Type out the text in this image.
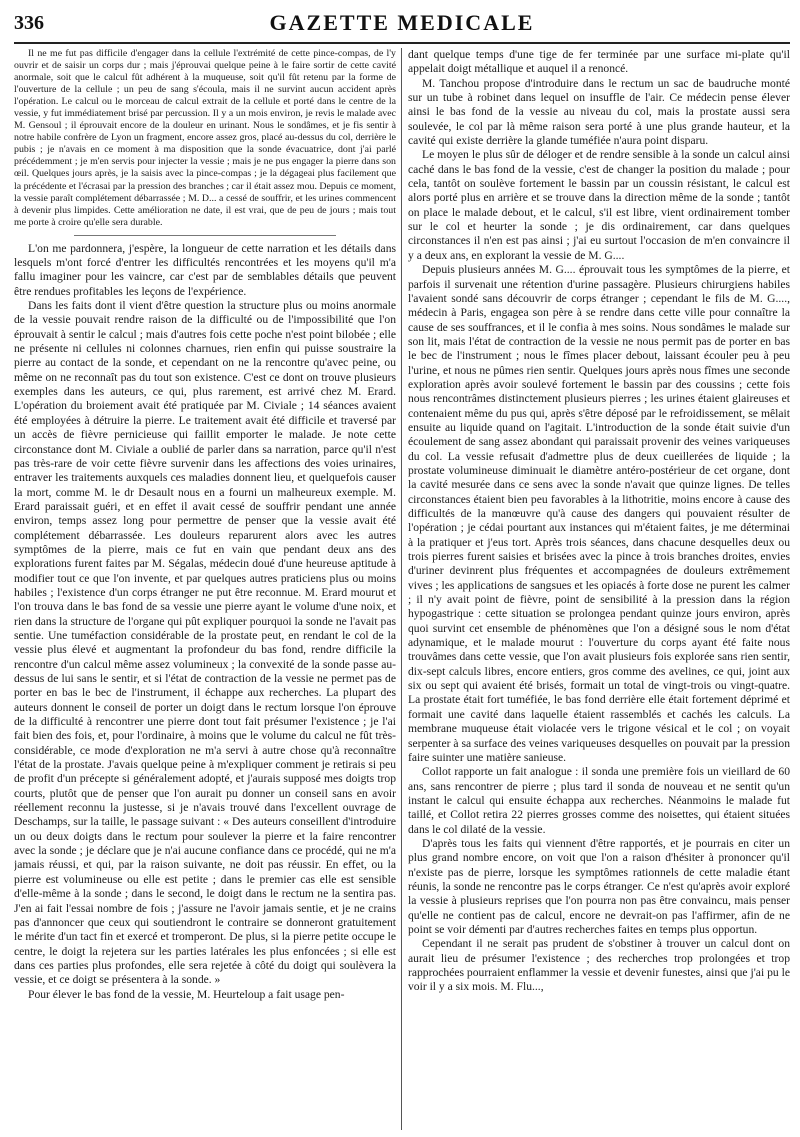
336	GAZETTE MEDICALE

Il ne me fut pas difficile d'engager dans la cellule l'extrémité de cette pince-compas, de l'y ouvrir et de saisir un corps dur ; mais j'éprouvai quelque peine à le faire sortir de cette cavité anormale, soit que le calcul fût adhérent à la muqueuse, soit qu'il fût retenu par la forme de l'ouverture de la cellule ; un peu de sang s'écoula, mais il ne survint aucun accident après l'opération. Le calcul ou le morceau de calcul extrait de la cellule et porté dans le centre de la vessie, y fut immédiatement brisé par percussion. Il y a un mois environ, je revis le malade avec M. Gensoul ; il éprouvait encore de la douleur en urinant. Nous le sondâmes, et je fis sentir à notre habile confrère de Lyon un fragment, encore assez gros, placé au-dessus du col, derrière le pubis ; je n'avais en ce moment à ma disposition que la sonde évacuatrice, dont j'ai parlé précédemment ; je m'en servis pour injecter la vessie ; mais je ne pus engager la pierre dans son œil. Quelques jours après, je la saisis avec la pince-compas ; je la dégageai plus facilement que la précédente et l'écrasai par la pression des branches ; car il était assez mou. Depuis ce moment, la vessie paraît complétement débarrassée ; M. D... a cessé de souffrir, et les urines commencent à devenir plus limpides. Cette amélioration ne date, il est vrai, que de peu de jours ; mais tout me porte à croire qu'elle sera durable.

L'on me pardonnera, j'espère, la longueur de cette narration et les détails dans lesquels m'ont forcé d'entrer les difficultés rencontrées et les moyens qu'il m'a fallu imaginer pour les vaincre, car c'est par de semblables détails que peuvent être rendues profitables les leçons de l'expérience.

Dans les faits dont il vient d'être question la structure plus ou moins anormale de la vessie pouvait rendre raison de la difficulté ou de l'impossibilité que l'on éprouvait à sentir le calcul ; mais d'autres fois cette poche n'est point bilobée ; elle ne présente ni cellules ni colonnes charnues, rien enfin qui puisse soustraire la pierre au contact de la sonde, et cependant on ne la rencontre qu'avec peine, ou même on ne reconnaît pas du tout son existence. C'est ce dont on trouve plusieurs exemples dans les auteurs, ce qui, plus rarement, est arrivé chez M. Erard. L'opération du broiement avait été pratiquée par M. Civiale ; 14 séances avaient été employées à détruire la pierre. Le traitement avait été difficile et traversé par un accès de fièvre pernicieuse qui faillit emporter le malade. Je note cette circonstance dont M. Civiale a oublié de parler dans sa narration, parce qu'il n'est pas très-rare de voir cette fièvre survenir dans les affections des voies urinaires, entraver les traitements auxquels ces maladies donnent lieu, et quelquefois causer la mort, comme M. le dr Desault nous en a fourni un malheureux exemple. M. Erard paraissait guéri, et en effet il avait cessé de souffrir pendant une année environ, temps assez long pour permettre de penser que la vessie avait été complétement débarrassée. Les douleurs reparurent alors avec les autres symptômes de la pierre, mais ce fut en vain que pendant deux ans des explorations furent faites par M. Ségalas, médecin doué d'une heureuse aptitude à modifier tout ce que l'on invente, et par quelques autres praticiens plus ou moins habiles ; l'existence d'un corps étranger ne put être reconnue. M. Erard mourut et l'on trouva dans le bas fond de sa vessie une pierre ayant le volume d'une noix, et rien dans la structure de l'organe qui pût expliquer pourquoi la sonde ne l'avait pas sentie. Une tuméfaction considérable de la prostate peut, en rendant le col de la vessie plus élevé et augmentant la profondeur du bas fond, rendre difficile la rencontre d'un calcul même assez volumineux ; la convexité de la sonde passe au-dessus de lui sans le sentir, et si l'état de contraction de la vessie ne permet pas de porter en bas le bec de l'instrument, il échappe aux recherches. La plupart des auteurs donnent le conseil de porter un doigt dans le rectum lorsque l'on éprouve de la difficulté à rencontrer une pierre dont tout fait présumer l'existence ; je l'ai fait bien des fois, et, pour l'ordinaire, à moins que le volume du calcul ne fût très-considérable, ce mode d'exploration ne m'a servi à autre chose qu'à reconnaître l'état de la prostate. J'avais quelque peine à m'expliquer comment je retirais si peu de profit d'un précepte si généralement adopté, et j'aurais supposé mes doigts trop courts, plutôt que de penser que l'on aurait pu donner un conseil sans en avoir réellement reconnu la justesse, si je n'avais trouvé dans l'excellent ouvrage de Deschamps, sur la taille, le passage suivant : « Des auteurs conseillent d'introduire un ou deux doigts dans le rectum pour soulever la pierre et la faire rencontrer avec la sonde ; je déclare que je n'ai aucune confiance dans ce procédé, qui ne m'a jamais réussi, et qui, par la raison suivante, ne doit pas réussir. En effet, ou la pierre est volumineuse ou elle est petite ; dans le premier cas elle est sensible d'elle-même à la sonde ; dans le second, le doigt dans le rectum ne la sentira pas. J'en ai fait l'essai nombre de fois ; j'assure ne l'avoir jamais sentie, et je ne crains pas d'annoncer que ceux qui soutiendront le contraire se donneront gratuitement le mérite d'un tact fin et exercé et tromperont. De plus, si la pierre petite occupe le centre, le doigt la rejetera sur les parties latérales les plus enfoncées ; si elle est dans ces parties plus profondes, elle sera rejetée à côté du doigt qui soulèvera la vessie, et ce doigt se présentera à la sonde. »

Pour élever le bas fond de la vessie, M. Heurteloup a fait usage pen-

dant quelque temps d'une tige de fer terminée par une surface mi-plate qu'il appelait doigt métallique et auquel il a renoncé.

M. Tanchou propose d'introduire dans le rectum un sac de baudruche monté sur un tube à robinet dans lequel on insuffle de l'air. Ce médecin pense élever ainsi le bas fond de la vessie au niveau du col, mais la prostate aussi sera soulevée, le col par là même raison sera porté à une plus grande hauteur, et la cavité qui existe derrière la glande tuméfiée n'aura point disparu.

Le moyen le plus sûr de déloger et de rendre sensible à la sonde un calcul ainsi caché dans le bas fond de la vessie, c'est de changer la position du malade ; pour cela, tantôt on soulève fortement le bassin par un coussin résistant, le calcul est alors porté plus en arrière et se trouve dans la direction même de la sonde ; tantôt on place le malade debout, et le calcul, s'il est libre, vient ordinairement tomber sur le col et heurter la sonde ; je dis ordinairement, car dans quelques circonstances il n'en est pas ainsi ; j'ai eu surtout l'occasion de m'en convaincre il y a deux ans, en explorant la vessie de M. G....

Depuis plusieurs années M. G.... éprouvait tous les symptômes de la pierre, et parfois il survenait une rétention d'urine passagère. Plusieurs chirurgiens habiles l'avaient sondé sans découvrir de corps étranger ; cependant le fils de M. G...., médecin à Paris, engagea son père à se rendre dans cette ville pour connaître la cause de ses souffrances, et il le confia à mes soins. Nous sondâmes le malade sur son lit, mais l'état de contraction de la vessie ne nous permit pas de porter en bas le bec de l'instrument ; nous le fîmes placer debout, laissant écouler peu à peu l'urine, et nous ne pûmes rien sentir. Quelques jours après nous fîmes une seconde exploration après avoir soulevé fortement le bassin par des coussins ; cette fois nous rencontrâmes distinctement plusieurs pierres ; les urines étaient glaireuses et contenaient même du pus qui, après s'être déposé par le refroidissement, se mêlait ensuite au liquide quand on l'agitait. L'introduction de la sonde était suivie d'un écoulement de sang assez abondant qui paraissait provenir des veines variqueuses du col. La vessie refusait d'admettre plus de deux cueillerées de liquide ; la prostate volumineuse diminuait le diamètre antéro-postérieur de cet organe, dont la cavité mesurée dans ce sens avec la sonde n'avait que quinze lignes. De telles circonstances étaient bien peu favorables à la lithotritie, moins encore à cause des difficultés de la manœuvre qu'à cause des dangers qui pouvaient résulter de l'opération ; je cédai pourtant aux instances qui m'étaient faites, je me déterminai à la pratiquer et j'eus tort. Après trois séances, dans chacune desquelles deux ou trois pierres furent saisies et brisées avec la pince à trois branches droites, envies d'uriner devinrent plus fréquentes et accompagnées de douleurs extrêmement vives ; les applications de sangsues et les opiacés à forte dose ne purent les calmer ; il n'y avait point de fièvre, point de sensibilité à la pression dans la région hypogastrique : cette situation se prolongea pendant quinze jours environ, après quoi survint cet ensemble de phénomènes que l'on a désigné sous le nom d'état adynamique, et le malade mourut : l'ouverture du corps ayant été faite nous trouvâmes dans cette vessie, que l'on avait plusieurs fois explorée sans rien sentir, dix-sept calculs libres, encore entiers, gros comme des avelines, ce qui, joint aux six ou sept qui avaient été brisés, formait un total de vingt-trois ou vingt-quatre. La prostate était fort tuméfiée, le bas fond derrière elle était fortement déprimé et formait une cavité dans laquelle étaient rassemblés et cachés les calculs. La membrane muqueuse était violacée vers le trigone vésical et le col ; on voyait serpenter à sa surface des veines variqueuses desquelles on pouvait par la pression faire suinter une matière sanieuse.

Collot rapporte un fait analogue : il sonda une première fois un vieillard de 60 ans, sans rencontrer de pierre ; plus tard il sonda de nouveau et ne sentit qu'un instant le calcul qui ensuite échappa aux recherches. Néanmoins le malade fut taillé, et Collot retira 22 pierres grosses comme des noisettes, qui étaient situées dans le col dilaté de la vessie.

D'après tous les faits qui viennent d'être rapportés, et je pourrais en citer un plus grand nombre encore, on voit que l'on a raison d'hésiter à prononcer qu'il n'existe pas de pierre, lorsque les symptômes rationnels de cette maladie étant réunis, la sonde ne rencontre pas le corps étranger. Ce n'est qu'après avoir exploré la vessie à plusieurs reprises que l'on pourra non pas être convaincu, mais penser qu'elle ne contient pas de calcul, encore ne devrait-on pas l'affirmer, afin de ne point se voir démenti par d'autres recherches faites en temps plus opportun.

Cependant il ne serait pas prudent de s'obstiner à trouver un calcul dont on aurait lieu de présumer l'existence ; des recherches trop prolongées et trop rapprochées pourraient enflammer la vessie et devenir funestes, ainsi que j'ai pu le voir il y a six mois. M. Flu...,
